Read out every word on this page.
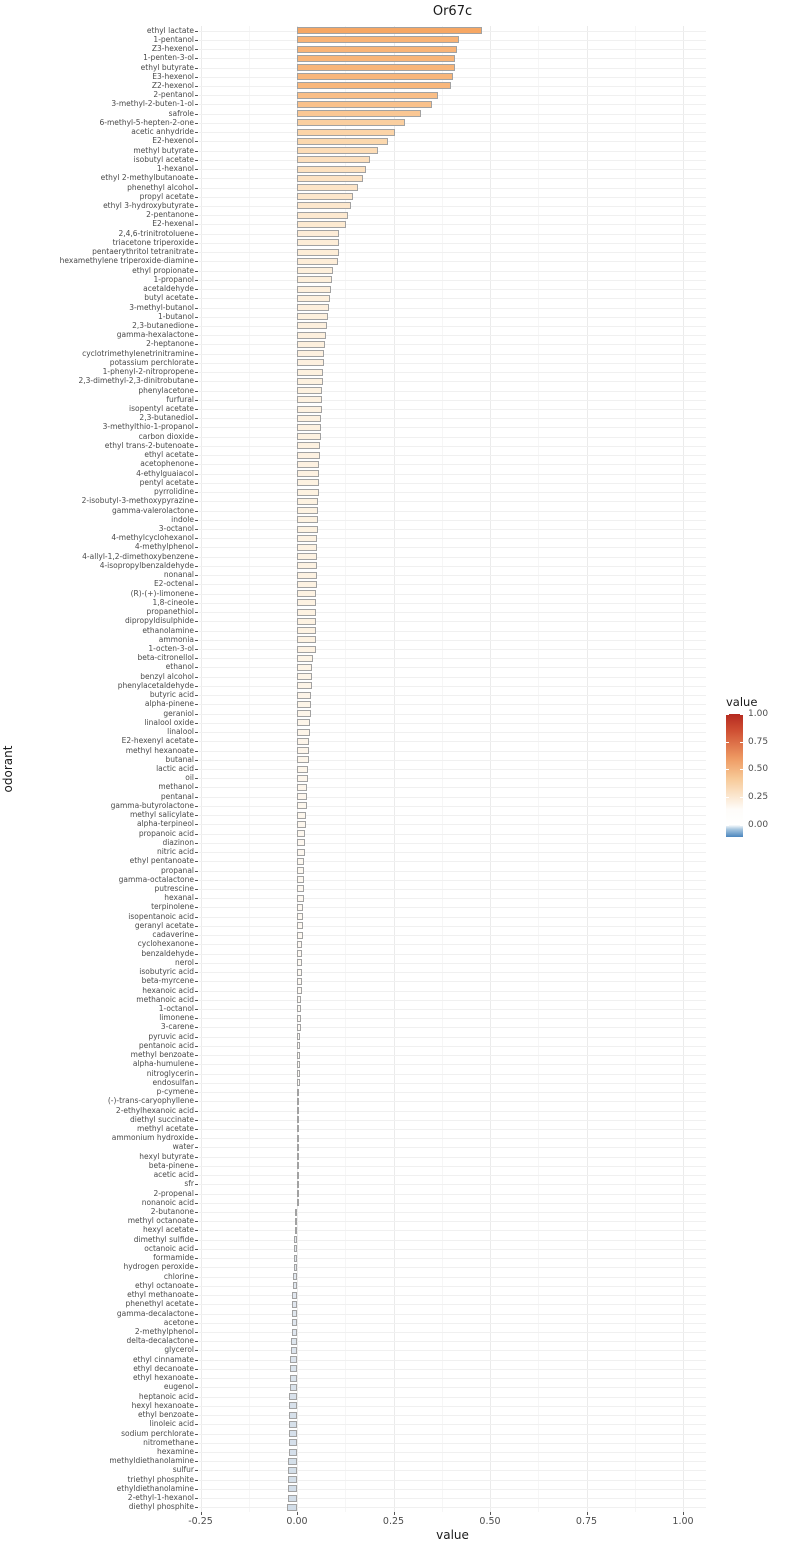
Or67c
odorant
value
ethyl lactate
1-pentanol
Z3-hexenol
1-penten-3-ol
ethyl butyrate
E3-hexenol
Z2-hexenol
2-pentanol
3-methyl-2-buten-1-ol
safrole
6-methyl-5-hepten-2-one
acetic anhydride
E2-hexenol
methyl butyrate
isobutyl acetate
1-hexanol
ethyl 2-methylbutanoate
phenethyl alcohol
propyl acetate
ethyl 3-hydroxybutyrate
2-pentanone
E2-hexenal
2,4,6-trinitrotoluene
triacetone triperoxide
pentaerythritol tetranitrate
hexamethylene triperoxide-diamine
ethyl propionate
1-propanol
acetaldehyde
butyl acetate
3-methyl-butanol
1-butanol
2,3-butanedione
gamma-hexalactone
2-heptanone
cyclotrimethylenetrinitramine
potassium perchlorate
1-phenyl-2-nitropropene
2,3-dimethyl-2,3-dinitrobutane
phenylacetone
furfural
isopentyl acetate
2,3-butanediol
3-methylthio-1-propanol
carbon dioxide
ethyl trans-2-butenoate
ethyl acetate
acetophenone
4-ethylguaiacol
pentyl acetate
pyrrolidine
2-isobutyl-3-methoxypyrazine
gamma-valerolactone
indole
3-octanol
4-methylcyclohexanol
4-methylphenol
4-allyl-1,2-dimethoxybenzene
4-isopropylbenzaldehyde
nonanal
E2-octenal
(R)-(+)-limonene
1,8-cineole
propanethiol
dipropyldisulphide
ethanolamine
ammonia
1-octen-3-ol
beta-citronellol
ethanol
benzyl alcohol
phenylacetaldehyde
butyric acid
alpha-pinene
geraniol
linalool oxide
linalool
E2-hexenyl acetate
methyl hexanoate
butanal
lactic acid
oil
methanol
pentanal
gamma-butyrolactone
methyl salicylate
alpha-terpineol
propanoic acid
diazinon
nitric acid
ethyl pentanoate
propanal
gamma-octalactone
putrescine
hexanal
terpinolene
isopentanoic acid
geranyl acetate
cadaverine
cyclohexanone
benzaldehyde
nerol
isobutyric acid
beta-myrcene
hexanoic acid
methanoic acid
1-octanol
limonene
3-carene
pyruvic acid
pentanoic acid
methyl benzoate
alpha-humulene
nitroglycerin
endosulfan
p-cymene
(-)-trans-caryophyllene
2-ethylhexanoic acid
diethyl succinate
methyl acetate
ammonium hydroxide
water
hexyl butyrate
beta-pinene
acetic acid
sfr
2-propenal
nonanoic acid
2-butanone
methyl octanoate
hexyl acetate
dimethyl sulfide
octanoic acid
formamide
hydrogen peroxide
chlorine
ethyl octanoate
ethyl methanoate
phenethyl acetate
gamma-decalactone
acetone
2-methylphenol
delta-decalactone
glycerol
ethyl cinnamate
ethyl decanoate
ethyl hexanoate
eugenol
heptanoic acid
hexyl hexanoate
ethyl benzoate
linoleic acid
sodium perchlorate
nitromethane
hexamine
methyldiethanolamine
sulfur
triethyl phosphite
ethyldiethanolamine
2-ethyl-1-hexanol
diethyl phosphite
-0.25	0.00	0.25	0.50	0.75	1.00
value
1.00
0.75
0.50
0.25
0.00
